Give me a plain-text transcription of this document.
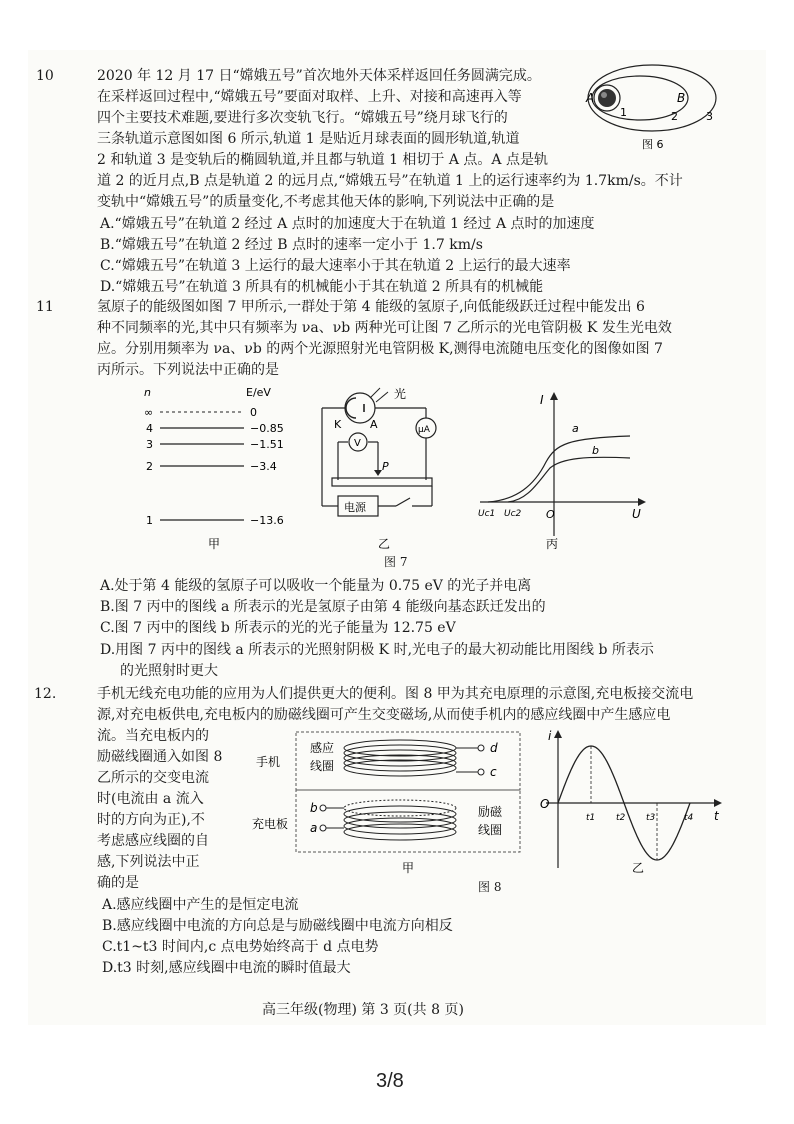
10	2020 年 12 月 17 日“嫦娥五号”首次地外天体采样返回任务圆满完成。
在采样返回过程中,“嫦娥五号”要面对取样、上升、对接和高速再入等
四个主要技术难题,要进行多次变轨飞行。“嫦娥五号”绕月球飞行的
三条轨道示意图如图 6 所示,轨道 1 是贴近月球表面的圆形轨道,轨道
2 和轨道 3 是变轨后的椭圆轨道,并且都与轨道 1 相切于 A 点。A 点是轨
道 2 的近月点,B 点是轨道 2 的远月点,“嫦娥五号”在轨道 1 上的运行速率约为 1.7km/s。不计
变轨中“嫦娥五号”的质量变化,不考虑其他天体的影响,下列说法中正确的是
A.“嫦娥五号”在轨道 2 经过 A 点时的加速度大于在轨道 1 经过 A 点时的加速度
B.“嫦娥五号”在轨道 2 经过 B 点时的速率一定小于 1.7 km/s
C.“嫦娥五号”在轨道 3 上运行的最大速率小于其在轨道 2 上运行的最大速率
D.“嫦娥五号”在轨道 3 所具有的机械能小于其在轨道 2 所具有的机械能
A	B
1	2	3
图 6
11	氢原子的能级图如图 7 甲所示,一群处于第 4 能级的氢原子,向低能级跃迁过程中能发出 6
种不同频率的光,其中只有频率为 νa、νb 两种光可让图 7 乙所示的光电管阴极 K 发生光电效
应。分别用频率为 νa、νb 的两个光源照射光电管阴极 K,测得电流随电压变化的图像如图 7
丙所示。下列说法中正确的是
n	E/eV
∞	0
4	−0.85
3	−1.51
2	−3.4
1	−13.6
甲
光
K	A	μA
V
P
电源
乙
I
U
O
a
b
Uc1 Uc2
丙
图 7
A.处于第 4 能级的氢原子可以吸收一个能量为 0.75 eV 的光子并电离
B.图 7 丙中的图线 a 所表示的光是氢原子由第 4 能级向基态跃迁发出的
C.图 7 丙中的图线 b 所表示的光的光子能量为 12.75 eV
D.用图 7 丙中的图线 a 所表示的光照射阴极 K 时,光电子的最大初动能比用图线 b 所表示
的光照射时更大
12.	手机无线充电功能的应用为人们提供更大的便利。图 8 甲为其充电原理的示意图,充电板接交流电
源,对充电板供电,充电板内的励磁线圈可产生交变磁场,从而使手机内的感应线圈中产生感应电
流。当充电板内的
励磁线圈通入如图 8
乙所示的交变电流
时(电流由 a 流入
时的方向为正),不
考虑感应线圈的自
感,下列说法中正
确的是
手机
充电板
感应
线圈
d
c
b
a
励磁
线圈
甲
i
t
O
t1 t2 t3	t4
乙
图 8
A.感应线圈中产生的是恒定电流
B.感应线圈中电流的方向总是与励磁线圈中电流方向相反
C.t1~t3 时间内,c 点电势始终高于 d 点电势
D.t3 时刻,感应线圈中电流的瞬时值最大
高三年级(物理) 第 3 页(共 8 页)
3/8
